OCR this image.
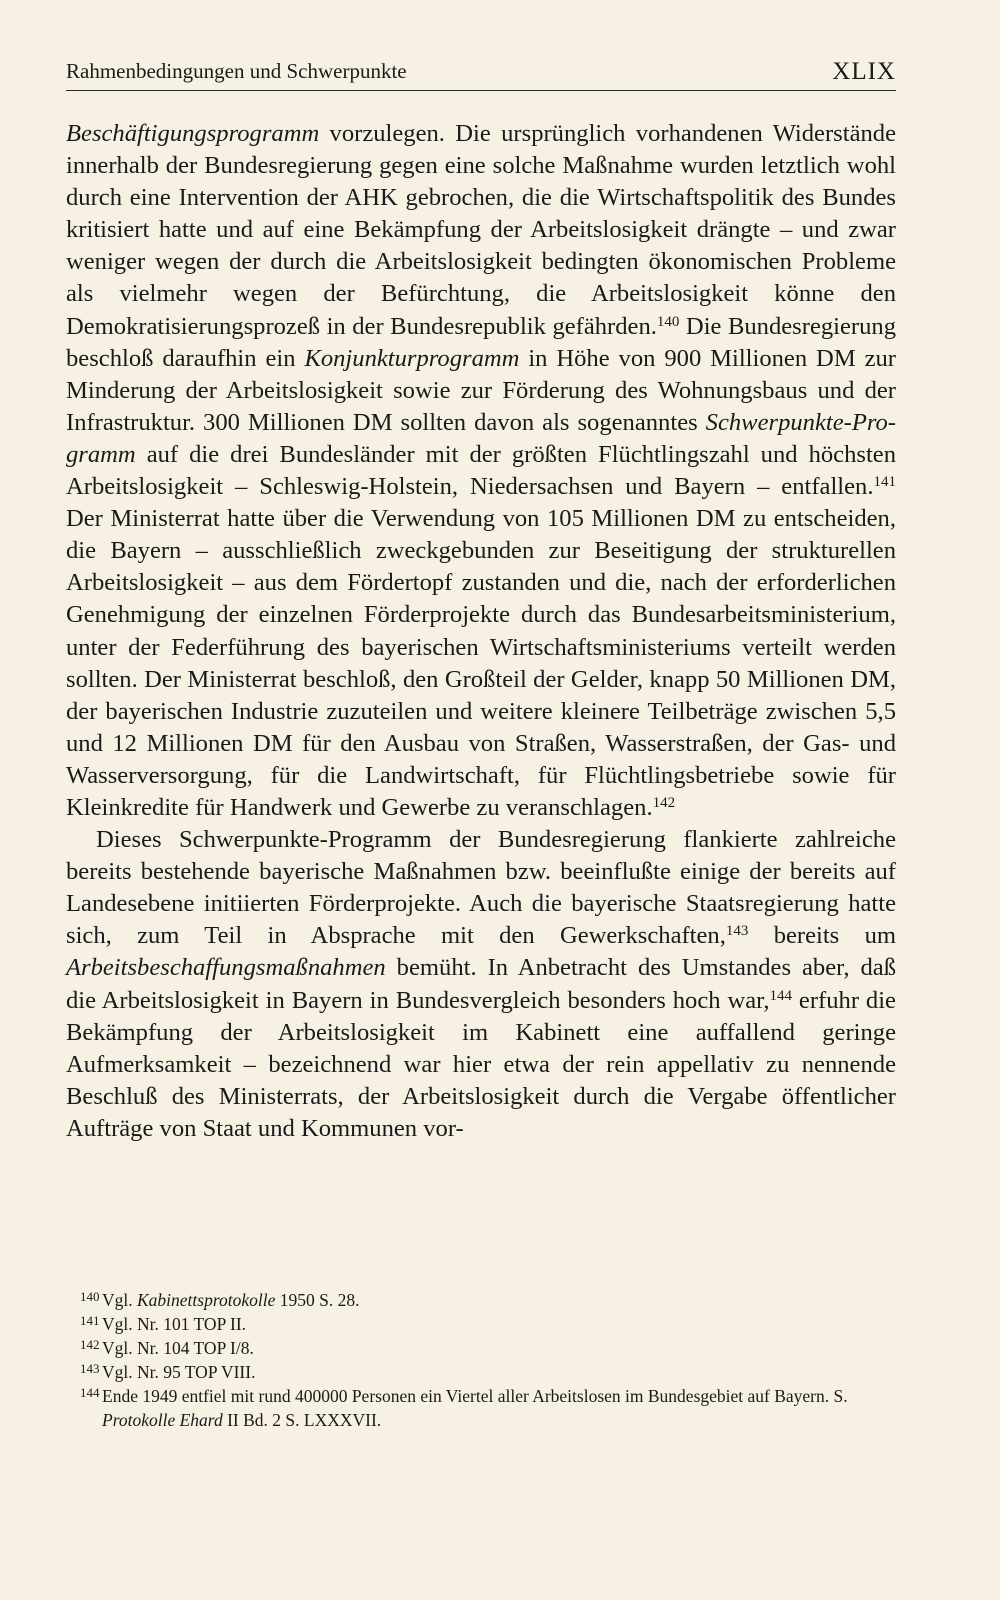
Rahmenbedingungen und Schwerpunkte	XLIX

Beschäftigungsprogramm vorzulegen. Die ursprünglich vorhandenen Widerstände innerhalb der Bundesregierung gegen eine solche Maßnahme wurden letztlich wohl durch eine Intervention der AHK gebrochen, die die Wirtschaftspolitik des Bundes kritisiert hatte und auf eine Bekämpfung der Arbeitslosigkeit drängte – und zwar weniger wegen der durch die Arbeitslosigkeit bedingten ökonomischen Probleme als vielmehr wegen der Befürchtung, die Arbeitslosigkeit könne den Demokratisierungsprozeß in der Bundesrepublik gefährden.$^{140}$ Die Bundesregierung beschloß daraufhin ein Konjunkturprogramm in Höhe von 900 Millionen DM zur Minderung der Arbeitslosigkeit sowie zur Förderung des Wohnungsbaus und der Infrastruktur. 300 Millionen DM sollten davon als sogenanntes Schwerpunkte-Programm auf die drei Bundesländer mit der größten Flüchtlingszahl und höchsten Arbeitslosigkeit – Schleswig-Holstein, Niedersachsen und Bayern – entfallen.$^{141}$ Der Ministerrat hatte über die Verwendung von 105 Millionen DM zu entscheiden, die Bayern – ausschließlich zweckgebunden zur Beseitigung der strukturellen Arbeitslosigkeit – aus dem Fördertopf zustanden und die, nach der erforderlichen Genehmigung der einzelnen Förderprojekte durch das Bundesarbeitsministerium, unter der Federführung des bayerischen Wirtschaftsministeriums verteilt werden sollten. Der Ministerrat beschloß, den Großteil der Gelder, knapp 50 Millionen DM, der bayerischen Industrie zuzuteilen und weitere kleinere Teilbeträge zwischen 5,5 und 12 Millionen DM für den Ausbau von Straßen, Wasserstraßen, der Gas- und Wasserversorgung, für die Landwirtschaft, für Flüchtlingsbetriebe sowie für Kleinkredite für Handwerk und Gewerbe zu veranschlagen.$^{142}$

Dieses Schwerpunkte-Programm der Bundesregierung flankierte zahlreiche bereits bestehende bayerische Maßnahmen bzw. beeinflußte einige der bereits auf Landesebene initiierten Förderprojekte. Auch die bayerische Staatsregierung hatte sich, zum Teil in Absprache mit den Gewerkschaften,$^{143}$ bereits um Arbeitsbeschaffungsmaßnahmen bemüht. In Anbetracht des Umstandes aber, daß die Arbeitslosigkeit in Bayern in Bundesvergleich besonders hoch war,$^{144}$ erfuhr die Bekämpfung der Arbeitslosigkeit im Kabinett eine auffallend geringe Aufmerksamkeit – bezeichnend war hier etwa der rein appellativ zu nennende Beschluß des Ministerrats, der Arbeitslosigkeit durch die Vergabe öffentlicher Aufträge von Staat und Kommunen vor-

140 Vgl. Kabinettsprotokolle 1950 S. 28.
141 Vgl. Nr. 101 TOP II.
142 Vgl. Nr. 104 TOP I/8.
143 Vgl. Nr. 95 TOP VIII.
144 Ende 1949 entfiel mit rund 400000 Personen ein Viertel aller Arbeitslosen im Bundesgebiet auf Bayern. S. Protokolle Ehard II Bd. 2 S. LXXXVII.
